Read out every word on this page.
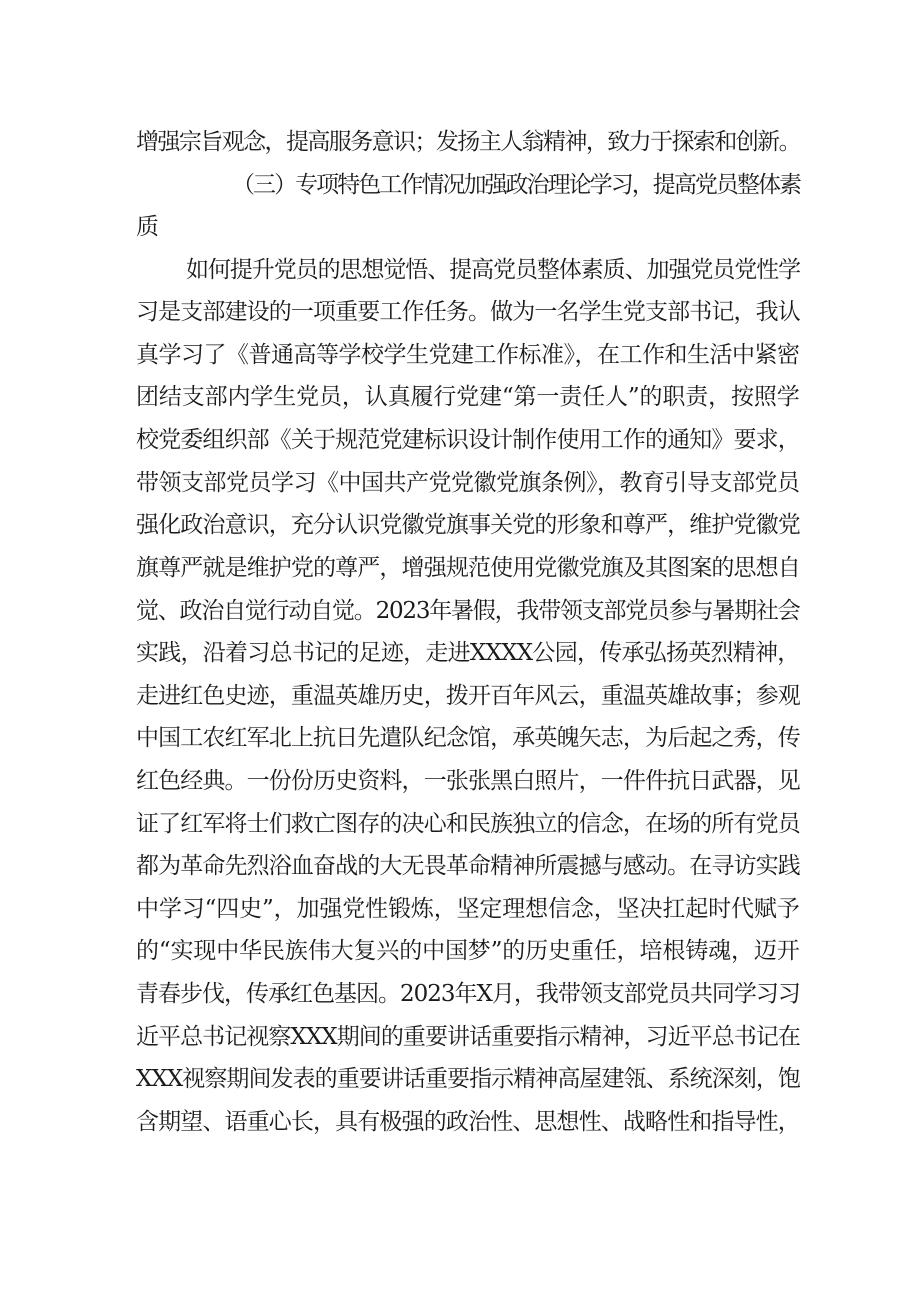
增强宗旨观念，提高服务意识；发扬主人翁精神，致力于探索和创新。
（三）专项特色工作情况加强政治理论学习，提高党员整体素
质
如何提升党员的思想觉悟、提高党员整体素质、加强党员党性学
习是支部建设的一项重要工作任务。做为一名学生党支部书记，我认
真学习了《普通高等学校学生党建工作标准》，在工作和生活中紧密
团结支部内学生党员，认真履行党建“第一责任人”的职责，按照学
校党委组织部《关于规范党建标识设计制作使用工作的通知》要求，
带领支部党员学习《中国共产党党徽党旗条例》，教育引导支部党员
强化政治意识，充分认识党徽党旗事关党的形象和尊严，维护党徽党
旗尊严就是维护党的尊严，增强规范使用党徽党旗及其图案的思想自
觉、政治自觉行动自觉。2023年暑假，我带领支部党员参与暑期社会
实践，沿着习总书记的足迹，走进XXXX公园，传承弘扬英烈精神，
走进红色史迹，重温英雄历史，拨开百年风云，重温英雄故事；参观
中国工农红军北上抗日先遣队纪念馆，承英魄矢志，为后起之秀，传
红色经典。一份份历史资料，一张张黑白照片，一件件抗日武器，见
证了红军将士们救亡图存的决心和民族独立的信念，在场的所有党员
都为革命先烈浴血奋战的大无畏革命精神所震撼与感动。在寻访实践
中学习“四史”，加强党性锻炼，坚定理想信念，坚决扛起时代赋予
的“实现中华民族伟大复兴的中国梦”的历史重任，培根铸魂，迈开
青春步伐，传承红色基因。2023年X月，我带领支部党员共同学习习
近平总书记视察XXX期间的重要讲话重要指示精神，习近平总书记在
XXX视察期间发表的重要讲话重要指示精神高屋建瓴、系统深刻，饱
含期望、语重心长，具有极强的政治性、思想性、战略性和指导性，
